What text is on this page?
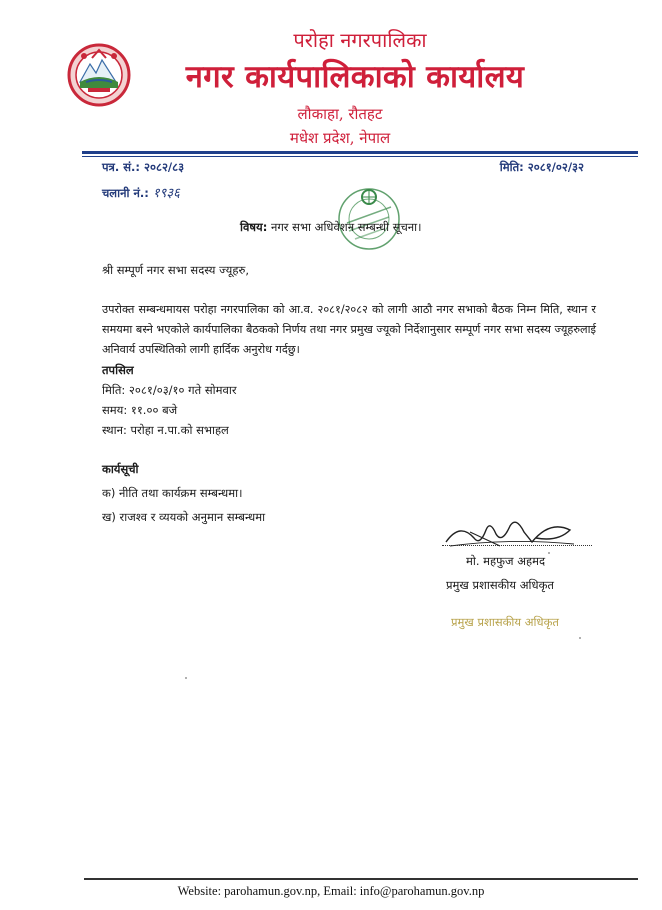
परोहा नगरपालिका
नगर कार्यपालिकाको कार्यालय
लौकाहा, रौतहट
मधेश प्रदेश, नेपाल
पत्र. सं.: २०८२/८३	मिति: २०८१/०२/३२
चलानी नं.: १९३६
विषय: नगर सभा अधिवेशन सम्बन्धी सूचना।
श्री सम्पूर्ण नगर सभा सदस्य ज्यूहरु,
उपरोक्त सम्बन्धमायस परोहा नगरपालिका को आ.व. २०८१/२०८२ को लागी आठौ नगर सभाको बैठक निम्न मिति, स्थान र समयमा बस्ने भएकोले कार्यपालिका बैठकको निर्णय तथा नगर प्रमुख ज्यूको निर्देशानुसार सम्पूर्ण नगर सभा सदस्य ज्यूहरुलाई अनिवार्य उपस्थितिको लागी हार्दिक अनुरोध गर्दछु।
तपसिल
मिति: २०८१/०३/१० गते सोमवार
समय: ११.०० बजे
स्थान: परोहा न.पा.को सभाहल
कार्यसूची
क) नीति तथा कार्यक्रम सम्बन्धमा।
ख) राजश्व र व्ययको अनुमान सम्बन्धमा
मो. महफुज अहमद
प्रमुख प्रशासकीय अधिकृत
प्रमुख प्रशासकीय अधिकृत
Website: parohamun.gov.np, Email: info@parohamun.gov.np
